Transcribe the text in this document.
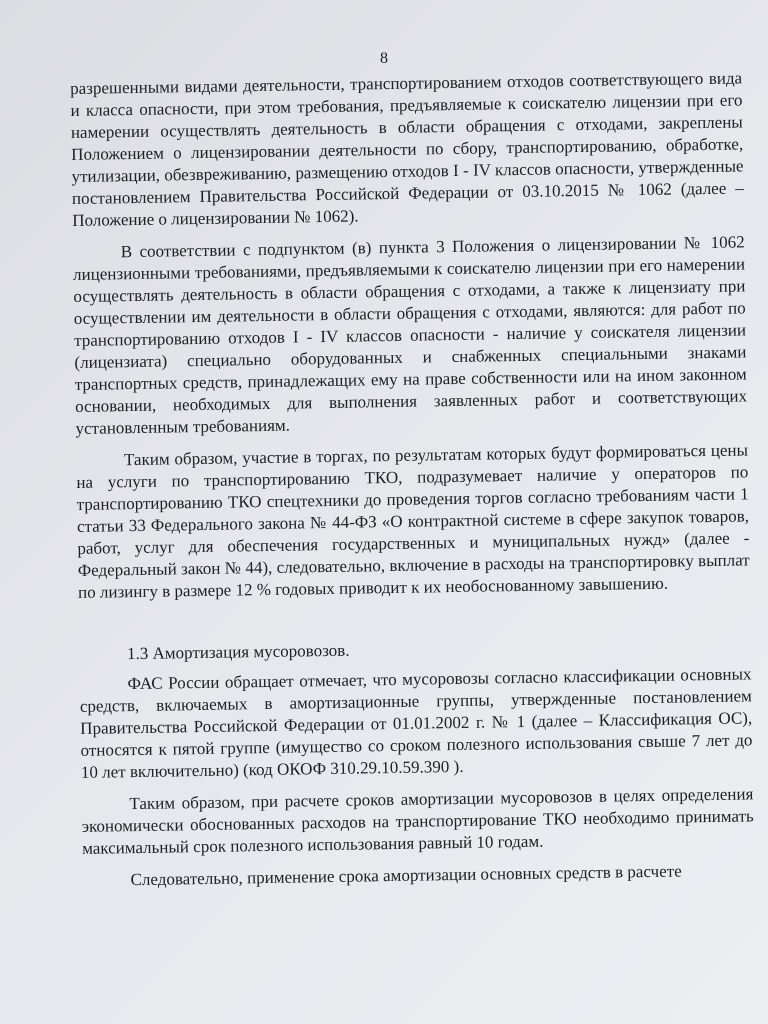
8

разрешенными видами деятельности, транспортированием отходов соответствующего вида и класса опасности, при этом требования, предъявляемые к соискателю лицензии при его намерении осуществлять деятельность в области обращения с отходами, закреплены Положением о лицензировании деятельности по сбору, транспортированию, обработке, утилизации, обезвреживанию, размещению отходов I - IV классов опасности, утвержденные постановлением Правительства Российской Федерации от 03.10.2015 № 1062 (далее – Положение о лицензировании № 1062).

В соответствии с подпунктом (в) пункта 3 Положения о лицензировании № 1062 лицензионными требованиями, предъявляемыми к соискателю лицензии при его намерении осуществлять деятельность в области обращения с отходами, а также к лицензиату при осуществлении им деятельности в области обращения с отходами, являются: для работ по транспортированию отходов I - IV классов опасности - наличие у соискателя лицензии (лицензиата) специально оборудованных и снабженных специальными знаками транспортных средств, принадлежащих ему на праве собственности или на ином законном основании, необходимых для выполнения заявленных работ и соответствующих установленным требованиям.

Таким образом, участие в торгах, по результатам которых будут формироваться цены на услуги по транспортированию ТКО, подразумевает наличие у операторов по транспортированию ТКО спецтехники до проведения торгов согласно требованиям части 1 статьи 33 Федерального закона № 44-ФЗ «О контрактной системе в сфере закупок товаров, работ, услуг для обеспечения государственных и муниципальных нужд» (далее - Федеральный закон № 44), следовательно, включение в расходы на транспортировку выплат по лизингу в размере 12 % годовых приводит к их необоснованному завышению.

1.3 Амортизация мусоровозов.

ФАС России обращает отмечает, что мусоровозы согласно классификации основных средств, включаемых в амортизационные группы, утвержденные постановлением Правительства Российской Федерации от 01.01.2002 г. № 1 (далее – Классификация ОС), относятся к пятой группе (имущество со сроком полезного использования свыше 7 лет до 10 лет включительно) (код ОКОФ 310.29.10.59.390 ).

Таким образом, при расчете сроков амортизации мусоровозов в целях определения экономически обоснованных расходов на транспортирование ТКО необходимо принимать максимальный срок полезного использования равный 10 годам.

Следовательно, применение срока амортизации основных средств в расчете
